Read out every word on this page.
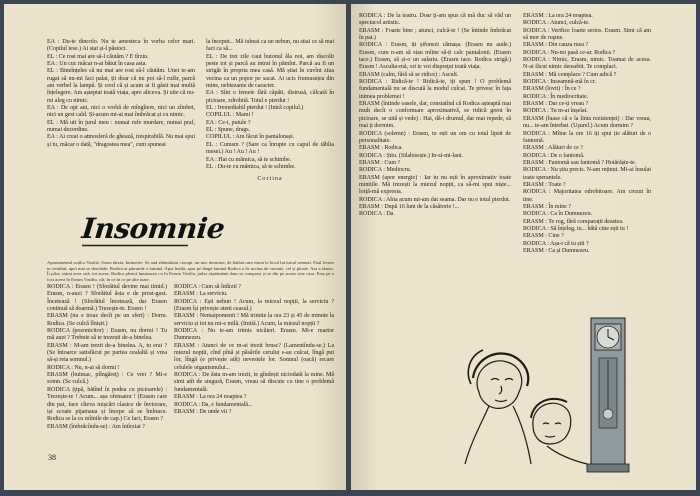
EA : Du-te dincolo. Nu te amesteca în vorba celor mari. (Copilul iese.) Ai stat și-l păstoci.

EL : Ce rost mai are să-l căutăm ? E tîrziu.

EA : Un cuc măcar n-ai bătut în casa asta.

EL : Bineînțeles că nu mai are rost să-l căutăm. Unei te-am rugat să nu-mi faci palat, ții doar că nu pot să-l rufăr, parcă am verbel la lampă. Și cred că și acum ai fi găsit mai multă înțelegere. Am așteptat toată viața, apre altceva. Și uite că nu-mi aleg cu nimic.

EA : De opt ani, nici o vorbă de mîngîiere, nici un zîmbet, nici un gest cald. Și-acum mi-ai mai îmbrăcat și cu nimic.

EL : Mă uit în jurul meu : numai rufe murdare, numai praf, numai dezordine.

EA : Ai creat o atmosferă de ghează, irespirabilă. Nu mai spui și tu, măcar o dată, "dragostea mea", cum spuneai

la început... Mă iubeai ca un nebun, nu stiai ce să mai faci ca să...

EL : De trei zile caut butonul ăla noi, am răscolit peste tot și parcă au intrat în pămînt. Parcă au fi un strigăt în propria mea casă. Mă știat în cuvînt ziua vecina ca un popor pe sacat. Ai ucis frumusețea din mine, nebiezanie de caracter.

EA : Sînt o femeie fără căpăti, distrusă, călcată în picioare, zdrobită. Totul e pierdut !

EL : Iremediabil pierdut ! (Intră copilul.)

COPILUL : Mami !

EA : Ce-i, puiule ?

EL : Spune, drags.

COPILUL : Am făcut în pantalonași.

EL : Cumsm ? (Sare ca înrupte cu capul de tăblia mesei.) Au ! Au ! Au !

EA : Hai cu mămica, să te schimbe.

EL : Du-te cu mămica, să te schimbe.

Cortina

Insomnie
Apartamentul soților Vasilie. Seara târziu. Intimerie. Se aud zbârnâituri ciorapi, un mic dormitor, de bărbat care intrat la locul lui mical semnal. Paul frenez in vestibul, apoi mai se deschide. Rodica ai pătrunde a lumină. Apoi înaltă, apoi pe lângă lumină Rodica a fir urcăuș de cuvinte, cel și ploaie. Asa a rămas. Îi pilot, intrat acea stră, tot aceea. Rodica pleacă luminarea cu în Erasm Vasiliu, pulsa săptămână dans se comparși și se din pe aceea cine casa. Eraș pe a fost aceea în Erasm Vasiliu, cât, în ce în ce pe alte toate.

RODICA : Erasm ! (Sforăitul devine mai timid.) Erasm, n-auzi ? Sforăitul ăsta e de prost-gust. Încetează ! (Sforăitul încetează, dar Erasm continuă să doarmă.) Trezește-te. Erasm !

ERASM (nu e treaz decît pe un sfert) : Dorm. Rodica. (Se culcă lînișit.)

RODICA (pozonicitor) : Erasm, nu dormi ! Tu mă auzi ? Trebuie să te trezești de-a binelea.

ERASM : M-am trezit de-a binelea. A, tu erai ? (Se întoarce satisfăcut pe partea cealaltă și vrea să-și reia somnul.)

RODICA : Nu, n-ai să dormi !

ERASM (buimac, plîngăreț) : Ce vrei ? Mi-e somn. (Se culcă.)

RODICA (țipă, bătînd în podea cu picioarele) : Trezește-te ! Acum... așa ofensator ! (Erasm care din pat, face cîteva mișcări clasice de înviorare, iși scoate pijamaua și începe să se îmbrace. Rodica se la cu mîinile de cap.) Ce faci, Erasm ?

ERASM (îmbrăcîndu-se) : Am întîrziat ?

RODICA : Cum să întîrzii ?

ERASM : La serviciu.

RODICA : Ești nebun ! Acum, la miezul nopții, la serviciu ? (Erasm își privește atent ceasul.)

ERASM : Nemaipomenit ! Mă trimite la ora 23 și 45 de minute la serviciu și tot nu mi-e milă. (Imită.) Acum, la miezul nopții ?

RODICA : Nu te-am trimis nicăieri. Erasm. Mi-e martor Dumnezeu.

ERASM : Atunci de ce m-ai trezit brusc? (Lamentîndu-se.) La miezul nopții, cînd pînă și păsările cerului s-au culcat, lîngă pui lor, lîngă (e privește atît) nevestele lor. Somnul (oacă) recare celulele organismului...

RODICA : De ăsta m-am trezit, te gîndești niciodată la mine. Mă simt atît de singură, Erasm, vreau să discute cu tine o problemă fundamentală.

ERASM : La ora 24 noaptea ?

RODICA : Da, e fundamentală...

ERASM : De unde vii ?

38

RODICA : De la teatru. Doar ți-am spus că mă duc să văd un spectacol artistic.

ERASM : Foarte bine ; atunci, culcă-te ! (Se întinde îmbrăcat în pat.)

RODICA : Erasm, iți șifonezi cămașa. (Erasm nu aude.) Erasm, cum n-am să stau mîine să-ți calc pantalonii. (Erasm tace.) Erasm, să și-o un salariu. (Erasm tace. Rodica strigă:) Erasm ! Asculta-mă, ori te voi dispreţui toată viața.

ERASM (calm, fără să se ridice) : Ascult.

RODICA : Ridică-te ! Ridică-te, iți spun ! O problemă fundamentală nu se discută la modul culcat. Te privesc în fața inimea problemei !

ERASM (întinde oasele, dar, constatînd că Rodica așteaptă mai mult decît o conformare aproximativă, se ridică greoi în picioare, se uită și vede) : Hai, dă-i drumul, dar mai repede, să mai ți dormim.

RODICA (solemn) : Erasm, tu ești un om cu total lipsit de personalitate.

ERASM : Rodica.

RODICA : Știu. (Silabisește.) In-si-mi-lant.

ERASM : Cum ?

RODICA : Mediocru.

ERASM (apor energie) : Iar tu nu ești în aproximativ toate mintiile. Mă trezești la miezul nopții, ca să-mi spui niște... lorță-mă expresia.

RODICA : Abia acum mi-am dat seama. Dar nu e totul pierdut.

ERASM : După 16 luni de la căsătorie !...

RODICA : Da.

ERASM : La ora 24 noaptea.

RODICA : Atunci, culcă-te.

RODICA : Verifice foarte serios. Erasm. Simt că am să mor de ruşine.

ERASM : Din cauza mea ?

RODICA : Nu-mi pasă ce-ar. Rodica ?

RODICA : Nimic, Erasm, nimic. Toamai de aceea. N-ai făcut nimic deosebit. Te complaci.

ERASM : Mă complace ? Cum adică ?

RODICA : Inseamnă-mă în cr.

ERASM (lovit) : În ce ?

RODICA : În mediocritate.

ERASM : Dar ce-ți vreau ?

RODICA : Tu m-ai înșelat.

ERASM (luase că e la linia rezistenței) : Dar vreau, nu... te-am întrebat. (Uşurel.) Acum dormim ?

RODICA : Mîine la ore 16 iți spui ție alături de o fantomă.

ERASM : Alături de ce ?

RODICA : De o fantomă.

ERASM : Fantomă sau fantomă ? Hotărăște-te.

RODICA : Nu știu precis. N-am reținut. Mi-ai însulat toate sperantele.

ERASM : Toate ?

RODICA : Majoritatea odrobitoare. Am crezut în tine.

ERASM : În mine ?

RODICA : Ca în Dumnezeu.

ERASM : Te rog, fără comparații deastea.

RODICA : Să înțeleg, tu... hătă cine ești tu !

ERASM : Cine ?

RODICA : Așa-i că tu știi ?

ERASM : Ca și Dumnezeu.
